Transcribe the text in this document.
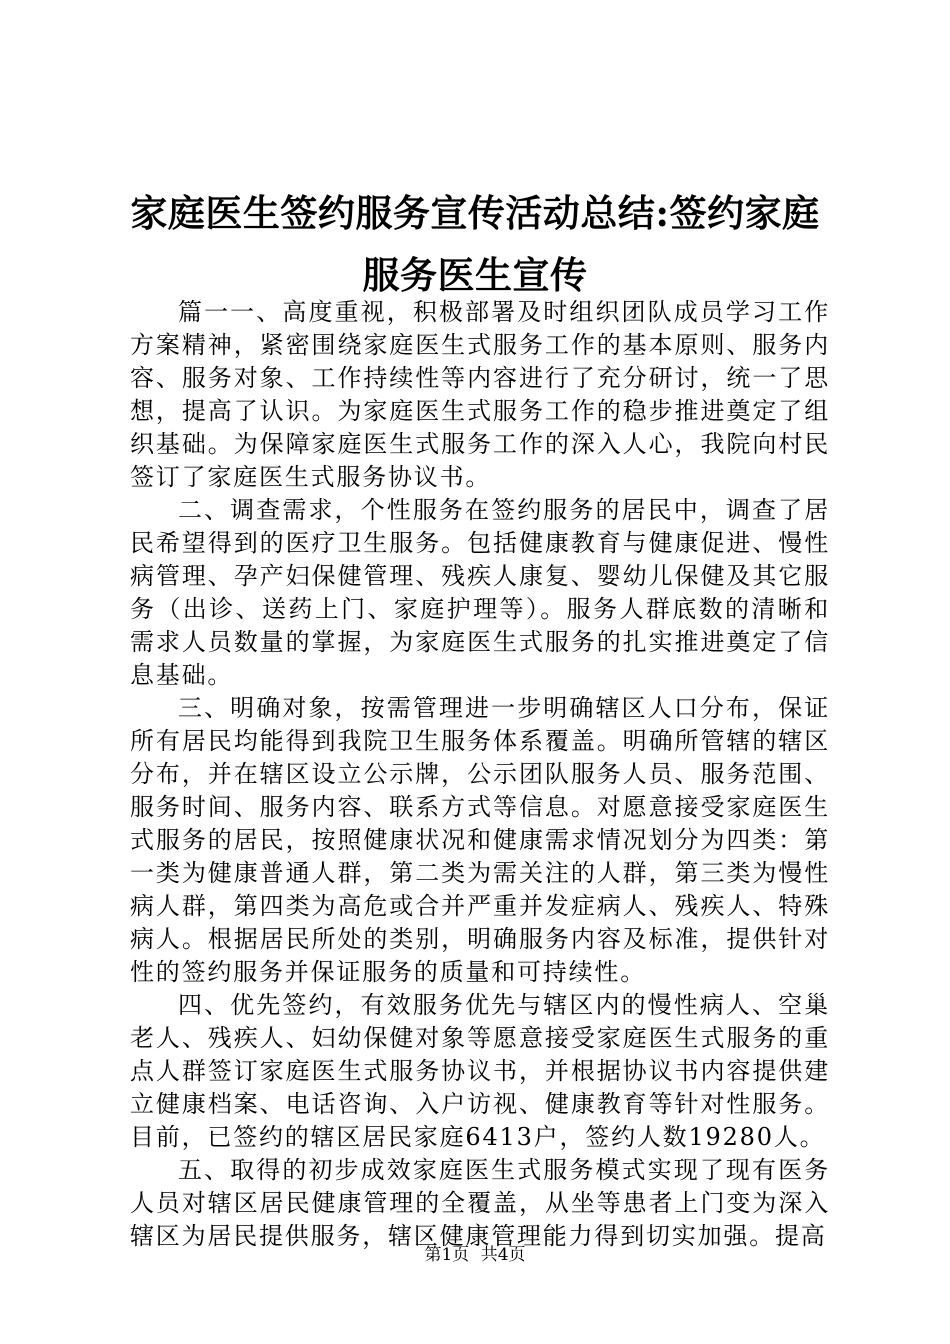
家庭医生签约服务宣传活动总结:签约家庭服务医生宣传

篇一一、高度重视，积极部署及时组织团队成员学习工作方案精神，紧密围绕家庭医生式服务工作的基本原则、服务内容、服务对象、工作持续性等内容进行了充分研讨，统一了思想，提高了认识。为家庭医生式服务工作的稳步推进奠定了组织基础。为保障家庭医生式服务工作的深入人心，我院向村民签订了家庭医生式服务协议书。

二、调查需求，个性服务在签约服务的居民中，调查了居民希望得到的医疗卫生服务。包括健康教育与健康促进、慢性病管理、孕产妇保健管理、残疾人康复、婴幼儿保健及其它服务（出诊、送药上门、家庭护理等）。服务人群底数的清晰和需求人员数量的掌握，为家庭医生式服务的扎实推进奠定了信息基础。

三、明确对象，按需管理进一步明确辖区人口分布，保证所有居民均能得到我院卫生服务体系覆盖。明确所管辖的辖区分布，并在辖区设立公示牌，公示团队服务人员、服务范围、服务时间、服务内容、联系方式等信息。对愿意接受家庭医生式服务的居民，按照健康状况和健康需求情况划分为四类：第一类为健康普通人群，第二类为需关注的人群，第三类为慢性病人群，第四类为高危或合并严重并发症病人、残疾人、特殊病人。根据居民所处的类别，明确服务内容及标准，提供针对性的签约服务并保证服务的质量和可持续性。

四、优先签约，有效服务优先与辖区内的慢性病人、空巢老人、残疾人、妇幼保健对象等愿意接受家庭医生式服务的重点人群签订家庭医生式服务协议书，并根据协议书内容提供建立健康档案、电话咨询、入户访视、健康教育等针对性服务。目前，已签约的辖区居民家庭6413户，签约人数19280人。

五、取得的初步成效家庭医生式服务模式实现了现有医务人员对辖区居民健康管理的全覆盖，从坐等患者上门变为深入辖区为居民提供服务，辖区健康管理能力得到切实加强。提高

第1页 共4页
